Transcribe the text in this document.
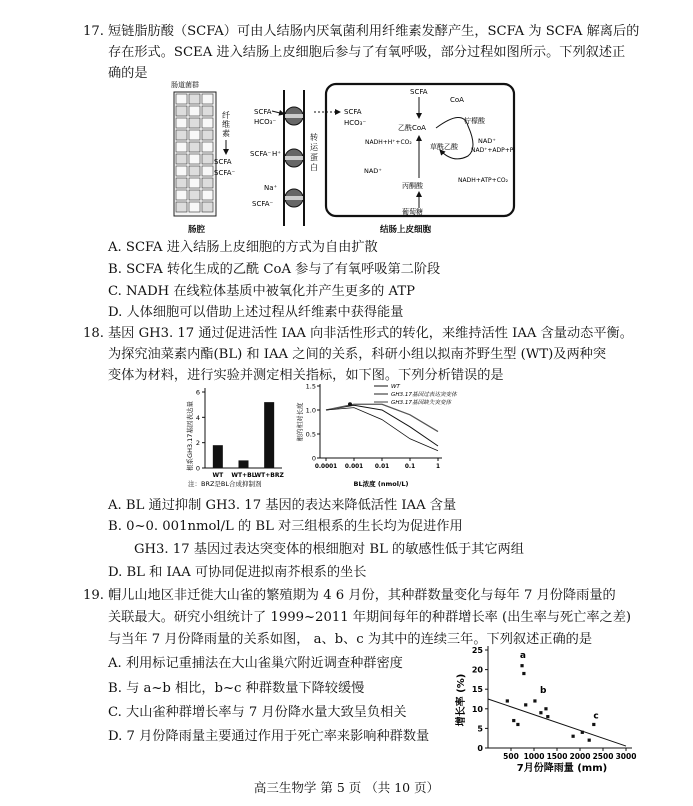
17. 短链脂肪酸（SCFA）可由人结肠内厌氧菌利用纤维素发酵产生，SCFA 为 SCFA 解离后的
存在形式。SCEA 进入结肠上皮细胞后参与了有氧呼吸，部分过程如图所示。下列叙述正
确的是
肠道菌群
纤维素
SCFA
SCFA⁻
SCFA
HCO₃⁻
SCFA⁻ H⁺
Na⁺
SCFA⁻
转运蛋白
SCFA
HCO₃⁻
SCFA
CoA
乙酰CoA
柠檬酸
草酰乙酸
NAD⁺
NAD⁺+ADP+Pi
NADH+ATP+CO₂
NADH+H⁺+CO₂
NAD⁺
丙酮酸
葡萄糖
肠腔	结肠上皮细胞
A. SCFA 进入结肠上皮细胞的方式为自由扩散
B. SCFA 转化生成的乙酰 CoA 参与了有氧呼吸第二阶段
C. NADH 在线粒体基质中被氧化并产生更多的 ATP
D. 人体细胞可以借助上述过程从纤维素中获得能量
18. 基因 GH3. 17 通过促进活性 IAA 向非活性形式的转化，来维持活性 IAA 含量动态平衡。
为探究油菜素内酯(BL) 和 IAA 之间的关系，科研小组以拟南芥野生型 (WT)及两种突
变体为材料，进行实验并测定相关指标，如下图。下列分析错误的是
根系GH3.17基因表达量 0
2
4
6
WT WT+BL
WT+BRZ
注：BRZ是BL合成抑制剂
根的相对长度
0
0.5
1.0
1.5
0.0001 0.001 0.01	0.1	1
WT
GH3.17基因过表达突变体
GH3.17基因缺失突变体
BL浓度 (nmol/L)
A. BL 通过抑制 GH3. 17 基因的表达来降低活性 IAA 含量
B. 0~0. 001nmol/L 的 BL 对三组根系的生长均为促进作用
GH3. 17 基因过表达突变体的根细胞对 BL 的敏感性低于其它两组
D. BL 和 IAA 可协同促进拟南芥根系的坐长
19. 帽儿山地区非迁徙大山雀的繁殖期为 4 6 月份，其种群数量变化与每年 7 月份降雨量的
关联最大。研究小组统计了 1999~2011 年期间每年的种群增长率 (出生率与死亡率之差)
与当年 7 月份降雨量的关系如图， a、b、c 为其中的连续三年。下列叙述正确的是
A. 利用标记重捕法在大山雀巢穴附近调查种群密度
B. 与 a~b 相比，b~c 种群数量下降较缓慢
C. 大山雀种群增长率与 7 月份降水量大致呈负相关
D. 7 月份降雨量主要通过作用于死亡率来影响种群数量
增长率 (%)
0
5
10
15
20
25
500 1000 1500 2000 2500 3000
a
b
c
7月份降雨量 (mm)
高三生物学 第 5 页 （共 10 页）
